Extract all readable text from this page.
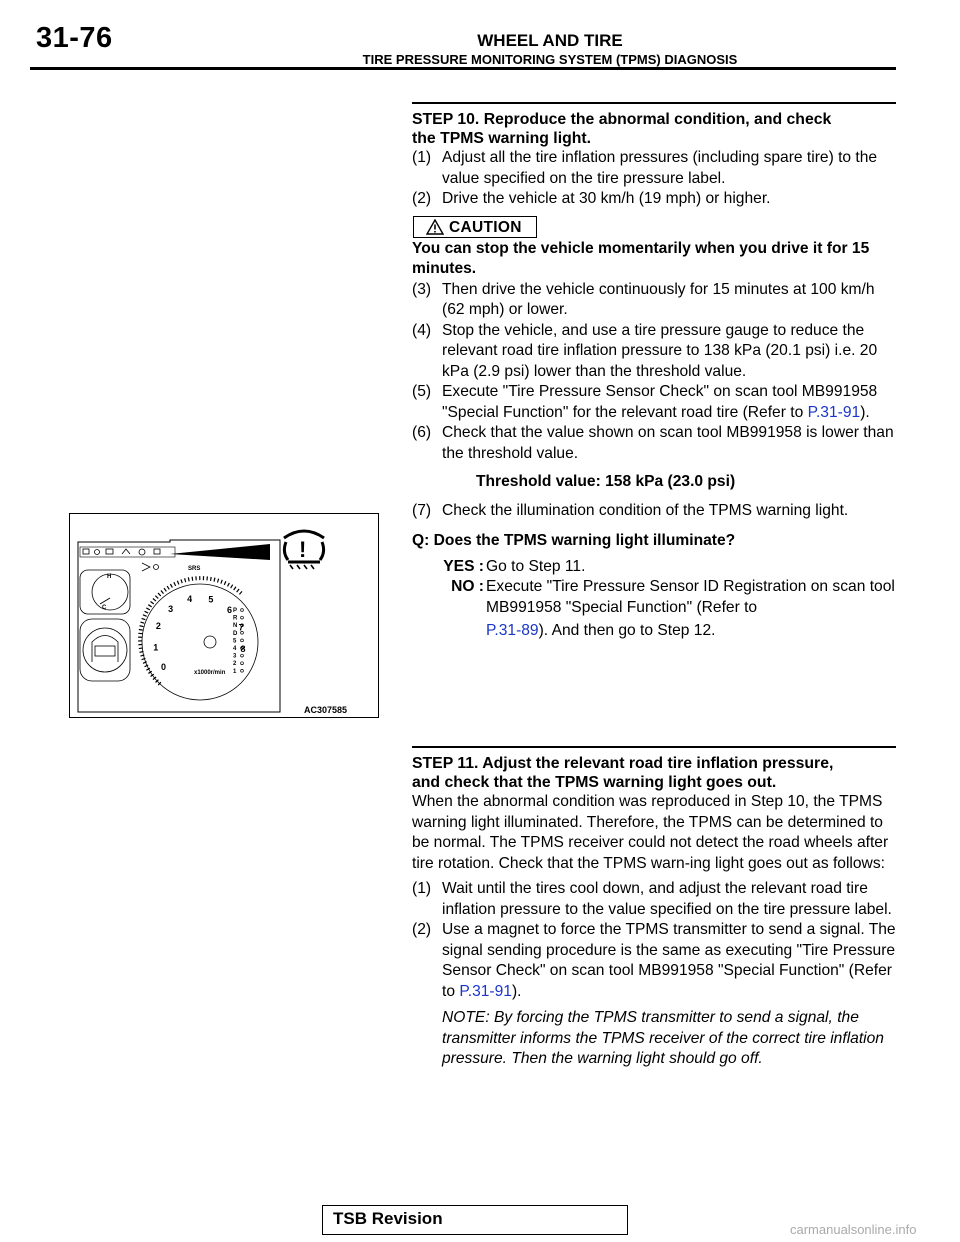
31-76	WHEEL AND TIRE
TIRE PRESSURE MONITORING SYSTEM (TPMS) DIAGNOSIS
STEP 10. Reproduce the abnormal condition, and check
the TPMS warning light.
(1) Adjust all the tire inflation pressures (including spare tire) to the value specified on the tire pressure label.
(2) Drive the vehicle at 30 km/h (19 mph) or higher.
CAUTION
You can stop the vehicle momentarily when you drive it for 15 minutes.
(3) Then drive the vehicle continuously for 15 minutes at 100 km/h (62 mph) or lower.
(4) Stop the vehicle, and use a tire pressure gauge to reduce the relevant road tire inflation pressure to 138 kPa (20.1 psi) i.e. 20 kPa (2.9 psi) lower than the threshold value.
(5) Execute "Tire Pressure Sensor Check" on scan tool MB991958 "Special Function" for the relevant road tire (Refer to P.31-91).
(6) Check that the value shown on scan tool MB991958 is lower than the threshold value.
Threshold value: 158 kPa (23.0 psi)
(7) Check the illumination condition of the TPMS warning light.
Q: Does the TPMS warning light illuminate?
YES : Go to Step 11.
NO : Execute "Tire Pressure Sensor ID Registration on scan tool MB991958 "Special Function" (Refer to
P.31-89). And then go to Step 12.
SRS
H
C
0
1
2
3
4 5
6
7
8
x1000r/min
P
R
N
D
5
4
3
2
1
!
AC307585
STEP 11. Adjust the relevant road tire inflation pressure,
and check that the TPMS warning light goes out.
When the abnormal condition was reproduced in Step 10, the TPMS warning light illuminated. Therefore, the TPMS can be determined to be normal. The TPMS receiver could not detect the road wheels after tire rotation. Check that the TPMS warn-ing light goes out as follows:
(1) Wait until the tires cool down, and adjust the relevant road tire inflation pressure to the value specified on the tire pressure label.
(2) Use a magnet to force the TPMS transmitter to send a signal. The signal sending procedure is the same as executing "Tire Pressure Sensor Check" on scan tool MB991958 "Special Function" (Refer to P.31-91).
NOTE: By forcing the TPMS transmitter to send a signal, the transmitter informs the TPMS receiver of the correct tire inflation pressure. Then the warning light should go off.
TSB Revision
carmanualsonline.info
